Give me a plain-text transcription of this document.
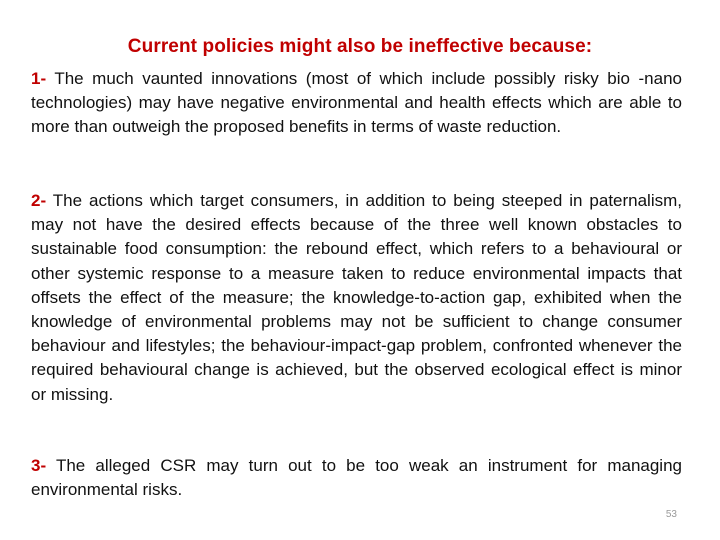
Current policies might also be ineffective because:
1- The much vaunted innovations (most of which include possibly risky bio -nano technologies) may have negative environmental and health effects which are able to more than outweigh the proposed benefits in terms of waste reduction.
2- The actions which target consumers, in addition to being steeped in paternalism, may not have the desired effects because of the three well known obstacles to sustainable food consumption: the rebound effect, which refers to a behavioural or other systemic response to a measure taken to reduce environmental impacts that offsets the effect of the measure; the knowledge-to-action gap, exhibited when the knowledge of environmental problems may not be sufficient to change consumer behaviour and lifestyles; the behaviour-impact-gap problem, confronted whenever the required behavioural change is achieved, but the observed ecological effect is minor or missing.
3- The alleged CSR may turn out to be too weak an instrument for managing environmental risks.
53
